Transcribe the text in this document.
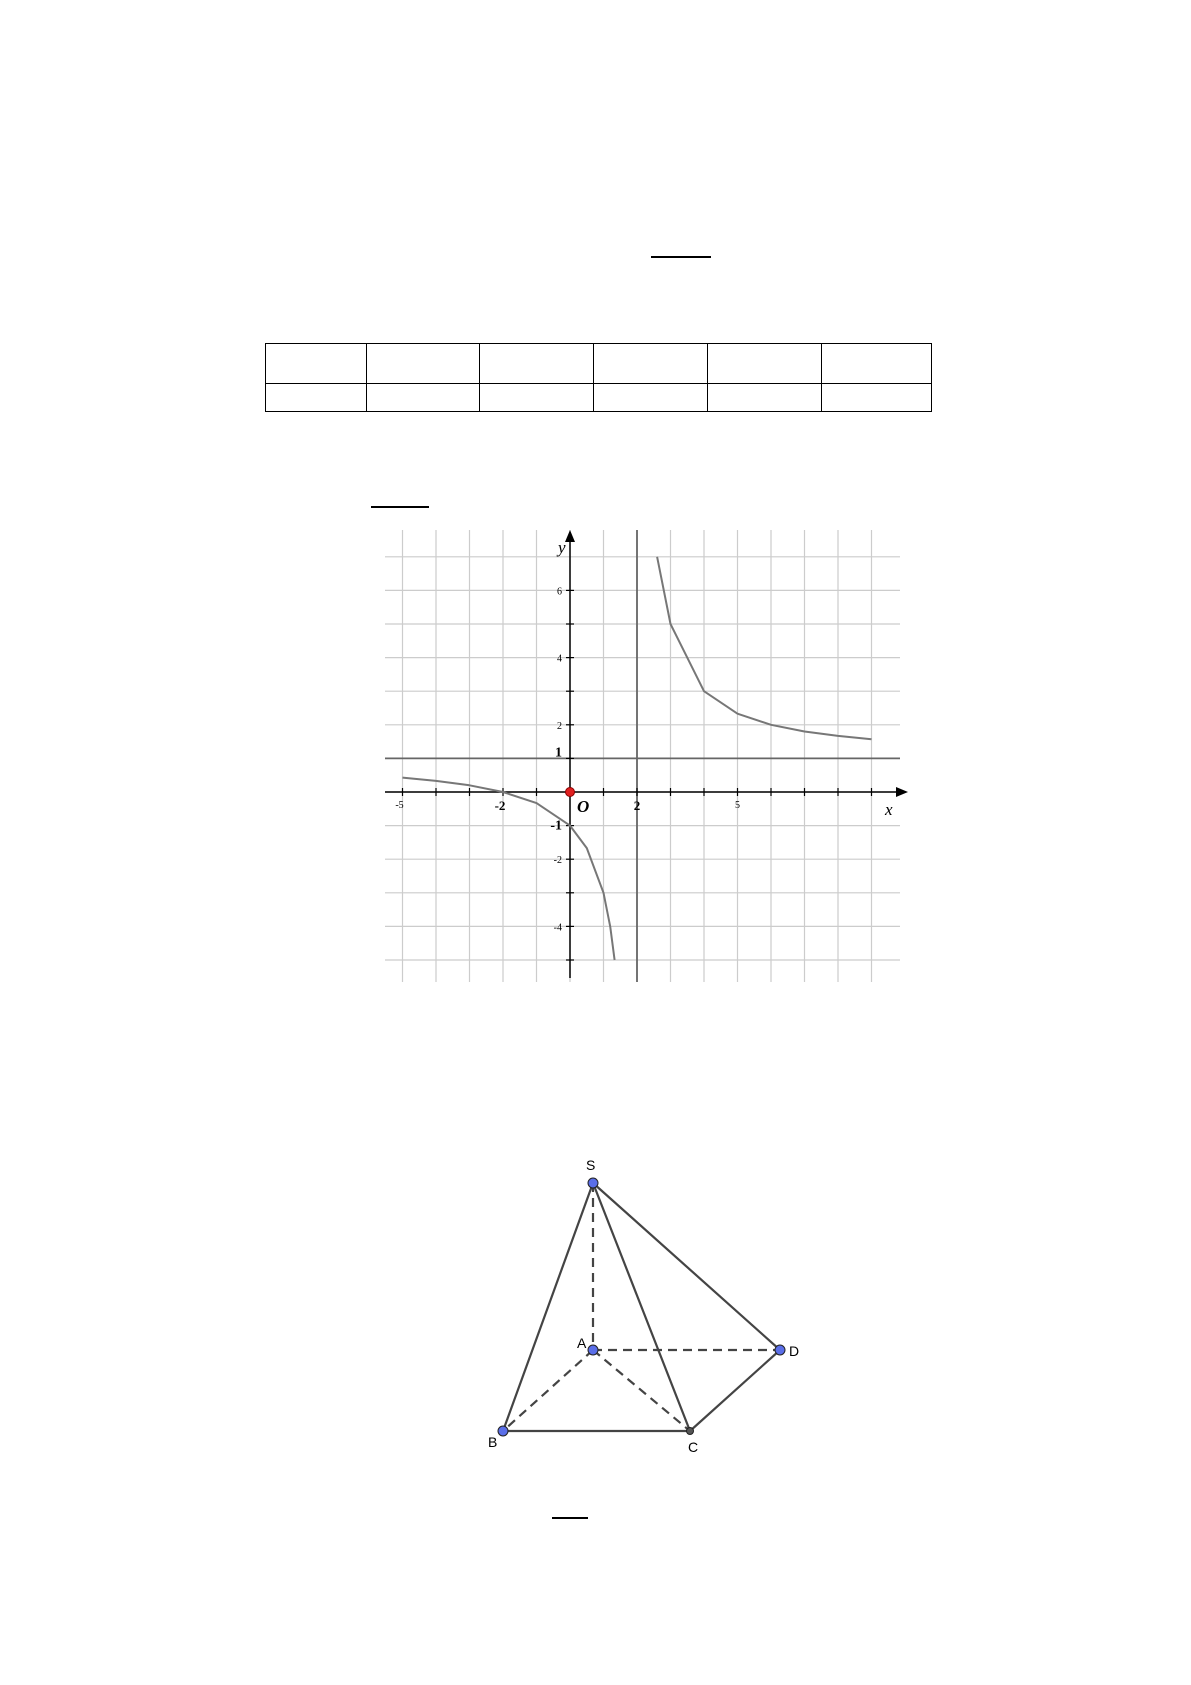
-5	-2	2	5
6
4
2
1
-1
-2
-4
x
y
O
S
A
B	C
D
